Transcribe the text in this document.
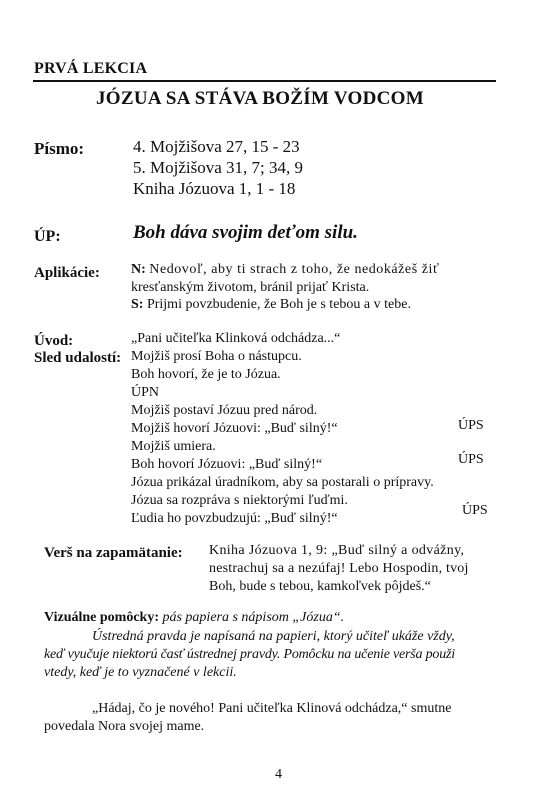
PRVÁ LEKCIA
JÓZUA SA STÁVA BOŽÍM VODCOM
Písmo:	4. Mojžišova 27, 15 - 23
5. Mojžišova 31, 7; 34, 9
Kniha Józuova 1, 1 - 18
ÚP:	Boh dáva svojim deťom silu.
Aplikácie: N: Nedovoľ, aby ti strach z toho, že nedokážeš žiť
kresťanským životom, bránil prijať Krista.
S: Prijmi povzbudenie, že Boh je s tebou a v tebe.
Úvod:	„Pani učiteľka Klinková odchádza...“
Sled udalostí: Mojžiš prosí Boha o nástupcu.
Boh hovorí, že je to Józua.
ÚPN
Mojžiš postaví Józuu pred národ.
Mojžiš hovorí Józuovi: „Buď silný!“	ÚPS
Mojžiš umiera.
Boh hovorí Józuovi: „Buď silný!“	ÚPS
Józua prikázal úradníkom, aby sa postarali o prípravy.
Józua sa rozpráva s niektorými ľuďmi.
Ľudia ho povzbudzujú: „Buď silný!“
ÚPS
Verš na zapamätanie: Kniha Józuova 1, 9: „Buď silný a odvážny,
nestrachuj sa a nezúfaj! Lebo Hospodin, tvoj
Boh, bude s tebou, kamkoľvek pôjdeš.“
Vizuálne pomôcky: pás papiera s nápisom „Józua“.
Ústredná pravda je napísaná na papieri, ktorý učiteľ ukáže vždy,
keď vyučuje niektorú časť ústrednej pravdy. Pomôcku na učenie verša použi
vtedy, keď je to vyznačené v lekcii.
„Hádaj, čo je nového! Pani učiteľka Klinová odchádza,“ smutne
povedala Nora svojej mame.
4
